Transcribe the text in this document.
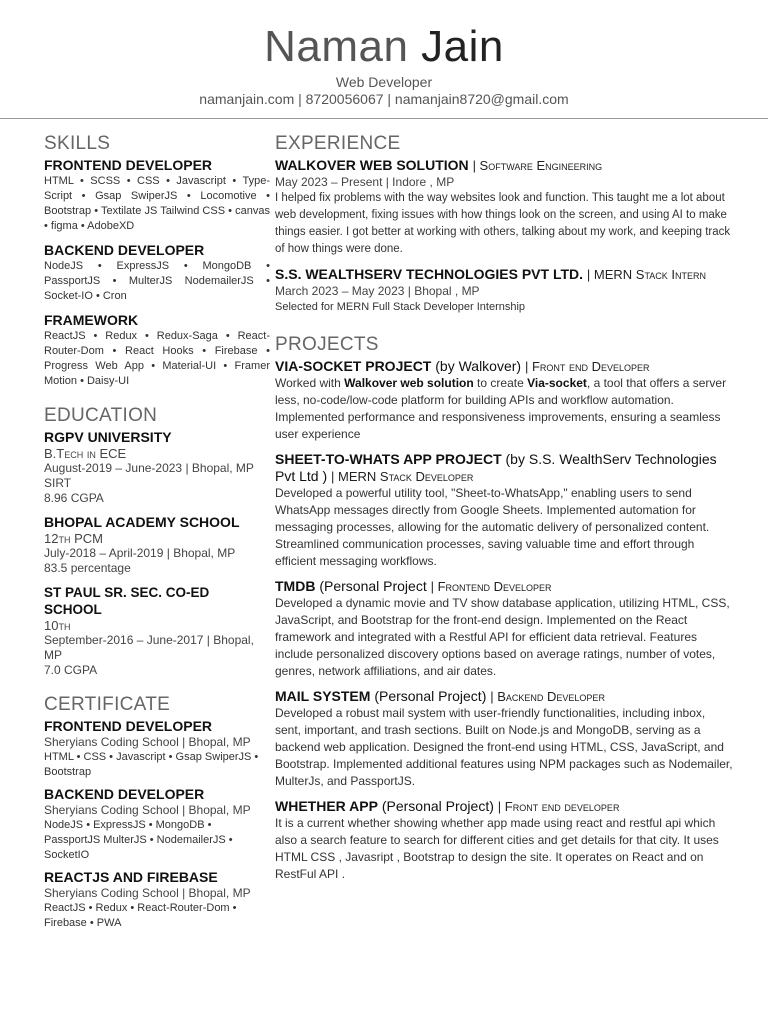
Naman Jain
Web Developer
namanjain.com | 8720056067 | namanjain8720@gmail.com
SKILLS
FRONTEND DEVELOPER
HTML • SCSS • CSS • Javascript • Type-Script • Gsap SwiperJS • Locomotive • Bootstrap • Textilate JS Tailwind CSS • canvas • figma • AdobeXD
BACKEND DEVELOPER
NodeJS • ExpressJS • MongoDB • PassportJS • MulterJS NodemailerJS • Socket-IO • Cron
FRAMEWORK
ReactJS • Redux • Redux-Saga • React-Router-Dom • React Hooks • Firebase • Progress Web App • Material-UI • Framer Motion • Daisy-UI
EDUCATION
RGPV UNIVERSITY
B.Tech in ECE
August-2019 – June-2023 | Bhopal, MP
SIRT
8.96 CGPA
BHOPAL ACADEMY SCHOOL
12th PCM
July-2018 – April-2019 | Bhopal, MP
83.5 percentage
ST PAUL SR. SEC. CO-ED SCHOOL
10th
September-2016 – June-2017 | Bhopal, MP
7.0 CGPA
CERTIFICATE
FRONTEND DEVELOPER
Sheryians Coding School | Bhopal, MP
HTML • CSS • Javascript • Gsap SwiperJS • Bootstrap
BACKEND DEVELOPER
Sheryians Coding School | Bhopal, MP
NodeJS • ExpressJS • MongoDB • PassportJS MulterJS • NodemailerJS • SocketIO
REACTJS AND FIREBASE
Sheryians Coding School | Bhopal, MP
ReactJS • Redux • React-Router-Dom • Firebase • PWA
EXPERIENCE
WALKOVER WEB SOLUTION | Software Engineering
May 2023 – Present | Indore , MP
I helped fix problems with the way websites look and function. This taught me a lot about web development, fixing issues with how things look on the screen, and using AI to make things easier. I got better at working with others, talking about my work, and keeping track of how things were done.
S.S. WEALTHSERV TECHNOLOGIES PVT LTD. | MERN Stack Intern
March 2023 – May 2023 | Bhopal , MP
Selected for MERN Full Stack Developer Internship
PROJECTS
VIA-SOCKET PROJECT (by Walkover) | Front end Developer
Worked with Walkover web solution to create Via-socket, a tool that offers a server less, no-code/low-code platform for building APIs and workflow automation. Implemented performance and responsiveness improvements, ensuring a seamless user experience
SHEET-TO-WHATS APP PROJECT (by S.S. WealthServ Technologies Pvt Ltd ) | MERN Stack Developer
Developed a powerful utility tool, "Sheet-to-WhatsApp," enabling users to send WhatsApp messages directly from Google Sheets. Implemented automation for messaging processes, allowing for the automatic delivery of personalized content. Streamlined communication processes, saving valuable time and effort through efficient messaging workflows.
TMDB (Personal Project | Frontend Developer
Developed a dynamic movie and TV show database application, utilizing HTML, CSS, JavaScript, and Bootstrap for the front-end design. Implemented on the React framework and integrated with a Restful API for efficient data retrieval. Features include personalized discovery options based on average ratings, number of votes, genres, network affiliations, and air dates.
MAIL SYSTEM (Personal Project) | Backend Developer
Developed a robust mail system with user-friendly functionalities, including inbox, sent, important, and trash sections. Built on Node.js and MongoDB, serving as a backend web application. Designed the front-end using HTML, CSS, JavaScript, and Bootstrap. Implemented additional features using NPM packages such as Nodemailer, MulterJs, and PassportJS.
WHETHER APP (Personal Project) | Front end developer
It is a current whether showing whether app made using react and restful api which also a search feature to search for different cities and get details for that city. It uses HTML CSS , Javasript , Bootstrap to design the site. It operates on React and on RestFul API .
